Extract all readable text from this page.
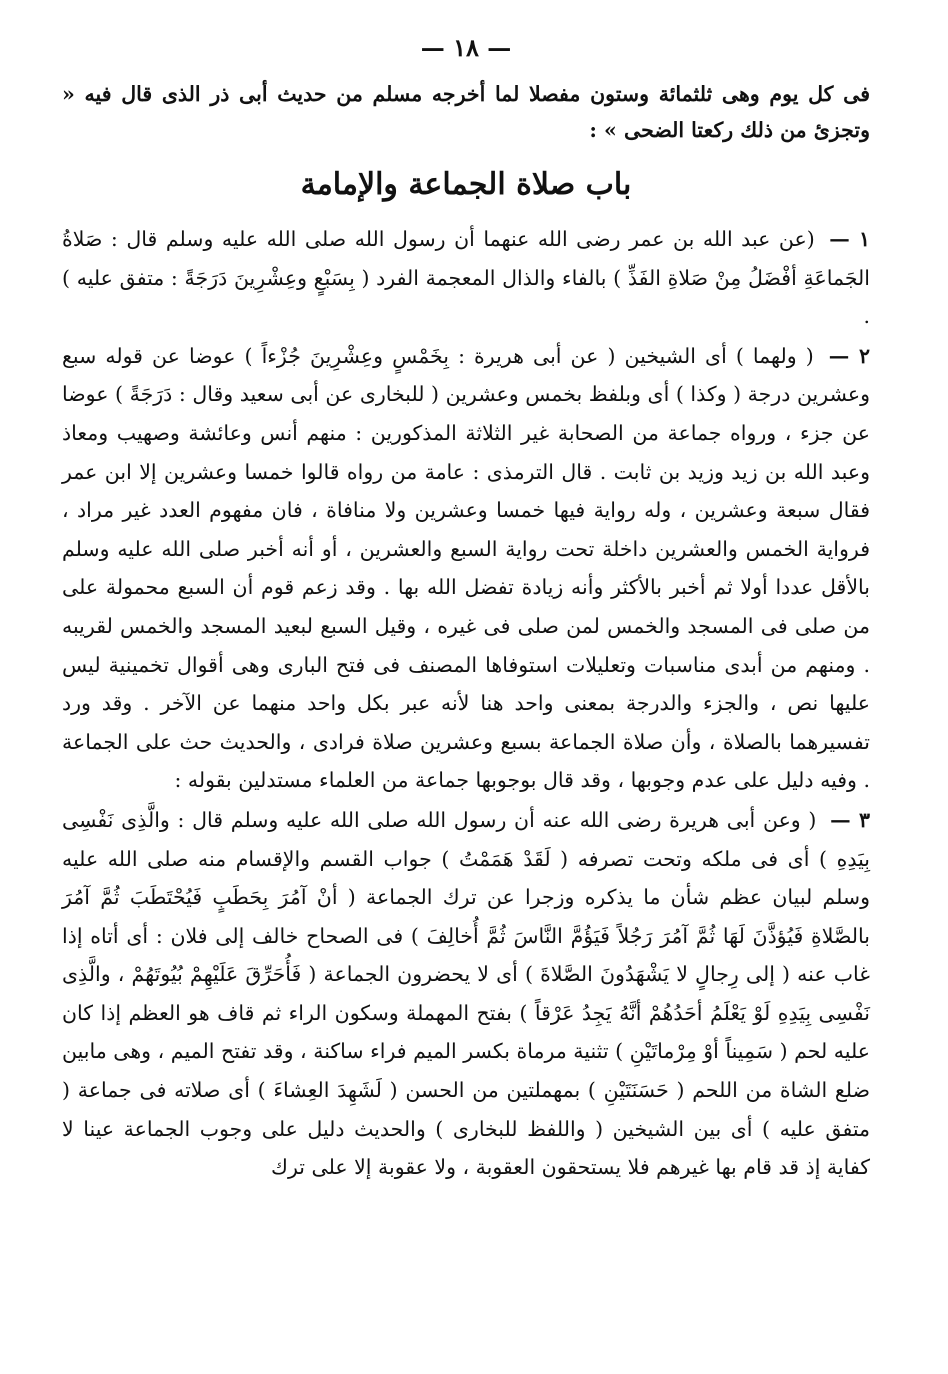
— ١٨ —
فى كل يوم وهى ثلثمائة وستون مفصلا لما أخرجه مسلم من حديث أبى ذر الذى قال فيه « وتجزئ من ذلك ركعتا الضحى » :
باب صلاة الجماعة والإمامة
١ — (عن عبد الله بن عمر رضى الله عنهما أن رسول الله صلى الله عليه وسلم قال : صَلاةُ الجَماعَةِ أفْضَلُ مِنْ صَلاةِ الفَذِّ ) بالفاء والذال المعجمة الفرد ( بِسَبْعٍ وعِشْرِينَ دَرَجَةً : متفق عليه ) .
٢ — ( ولهما ) أى الشيخين ( عن أبى هريرة : بِخَمْسٍ وعِشْرِينَ جُزْءاً ) عوضا عن قوله سبع وعشرين درجة ( وكذا ) أى وبلفظ بخمس وعشرين ( للبخارى عن أبى سعيد وقال : دَرَجَةً ) عوضا عن جزء ، ورواه جماعة من الصحابة غير الثلاثة المذكورين : منهم أنس وعائشة وصهيب ومعاذ وعبد الله بن زيد وزيد بن ثابت . قال الترمذى : عامة من رواه قالوا خمسا وعشرين إلا ابن عمر فقال سبعة وعشرين ، وله رواية فيها خمسا وعشرين ولا منافاة ، فان مفهوم العدد غير مراد ، فرواية الخمس والعشرين داخلة تحت رواية السبع والعشرين ، أو أنه أخبر صلى الله عليه وسلم بالأقل عددا أولا ثم أخبر بالأكثر وأنه زيادة تفضل الله بها . وقد زعم قوم أن السبع محمولة على من صلى فى المسجد والخمس لمن صلى فى غيره ، وقيل السبع لبعيد المسجد والخمس لقريبه . ومنهم من أبدى مناسبات وتعليلات استوفاها المصنف فى فتح البارى وهى أقوال تخمينية ليس عليها نص ، والجزء والدرجة بمعنى واحد هنا لأنه عبر بكل واحد منهما عن الآخر . وقد ورد تفسيرهما بالصلاة ، وأن صلاة الجماعة بسبع وعشرين صلاة فرادى ، والحديث حث على الجماعة . وفيه دليل على عدم وجوبها ، وقد قال بوجوبها جماعة من العلماء مستدلين بقوله :
٣ — ( وعن أبى هريرة رضى الله عنه أن رسول الله صلى الله عليه وسلم قال : والَّذِى نَفْسِى بِيَدِهِ ) أى فى ملكه وتحت تصرفه ( لَقَدْ هَمَمْتُ ) جواب القسم والإقسام منه صلى الله عليه وسلم لبيان عظم شأن ما يذكره وزجرا عن ترك الجماعة ( أنْ آمُرَ بِحَطَبٍ فَيُحْتَطَبَ ثُمَّ آمُرَ بالصَّلاةِ فَيُؤذَّنَ لَهَا ثُمَّ آمُرَ رَجُلاً فَيَؤُمَّ النَّاسَ ثُمَّ أُخالِفَ ) فى الصحاح خالف إلى فلان : أى أتاه إذا غاب عنه ( إلى رِجالٍ لا يَشْهَدُونَ الصَّلاةَ ) أى لا يحضرون الجماعة ( فَأُحَرِّقَ عَلَيْهِمْ بُيُوتَهُمْ ، والَّذِى نَفْسِى بِيَدِهِ لَوْ يَعْلَمُ أحَدُهُمْ أنَّهُ يَجِدُ عَرْقاً ) بفتح المهملة وسكون الراء ثم قاف هو العظم إذا كان عليه لحم ( سَمِيناً أوْ مِرْماتَيْنِ ) تثنية مرماة بكسر الميم فراء ساكنة ، وقد تفتح الميم ، وهى مابين ضلع الشاة من اللحم ( حَسَنَتَيْنِ ) بمهملتين من الحسن ( لَشَهِدَ العِشاءَ ) أى صلاته فى جماعة ( متفق عليه ) أى بين الشيخين ( واللفظ للبخارى ) والحديث دليل على وجوب الجماعة عينا لا كفاية إذ قد قام بها غيرهم فلا يستحقون العقوبة ، ولا عقوبة إلا على ترك
